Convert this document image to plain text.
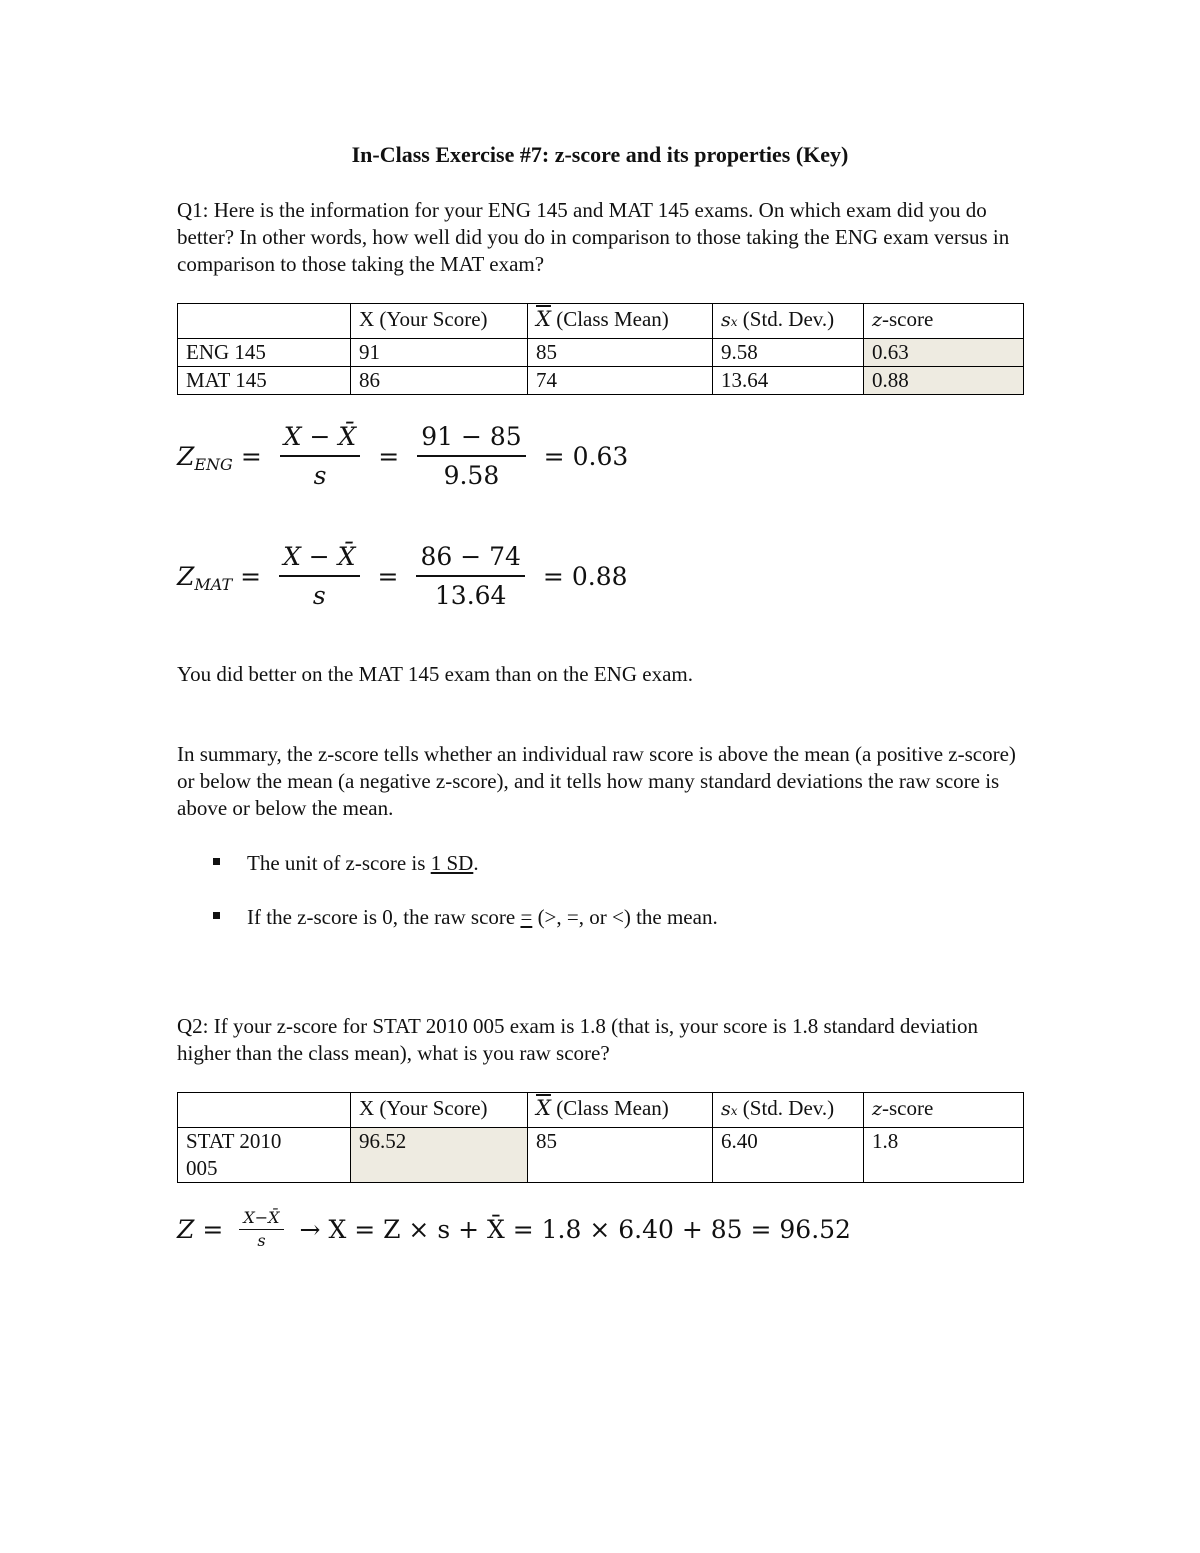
In-Class Exercise #7: z-score and its properties (Key)
Q1: Here is the information for your ENG 145 and MAT 145 exams. On which exam did you do better? In other words, how well did you do in comparison to those taking the ENG exam versus in comparison to those taking the MAT exam?
	X (Your Score)	$\overline{X}$ (Class Mean)	sx (Std. Dev.)	z-score
ENG 145	91	85	9.58	0.63
MAT 145	86	74	13.64	0.88
Z ENG = $\frac{X - X̄}{s} = \frac{91 - 85}{9.58} = 0.63$
Z MAT = $\frac{X - X̄}{s} = \frac{86 - 74}{13.64} = 0.88$
You did better on the MAT 145 exam than on the ENG exam.
In summary, the z-score tells whether an individual raw score is above the mean (a positive z-score) or below the mean (a negative z-score), and it tells how many standard deviations the raw score is above or below the mean.
The unit of z-score is 1 SD.
If the z-score is 0, the raw score = (>, =, or <) the mean.
Q2: If your z-score for STAT 2010 005 exam is 1.8 (that is, your score is 1.8 standard deviation higher than the class mean), what is you raw score?
	X (Your Score)	$\overline{X}$ (Class Mean)	sx (Std. Dev.)	z-score
STAT 2010
005	96.52	85	6.40	1.8
$Z = \frac{X-X̄}{s} \to X = Z \times s$ + X̄ = 1.8 × 6.40 + 85 = 96.52
